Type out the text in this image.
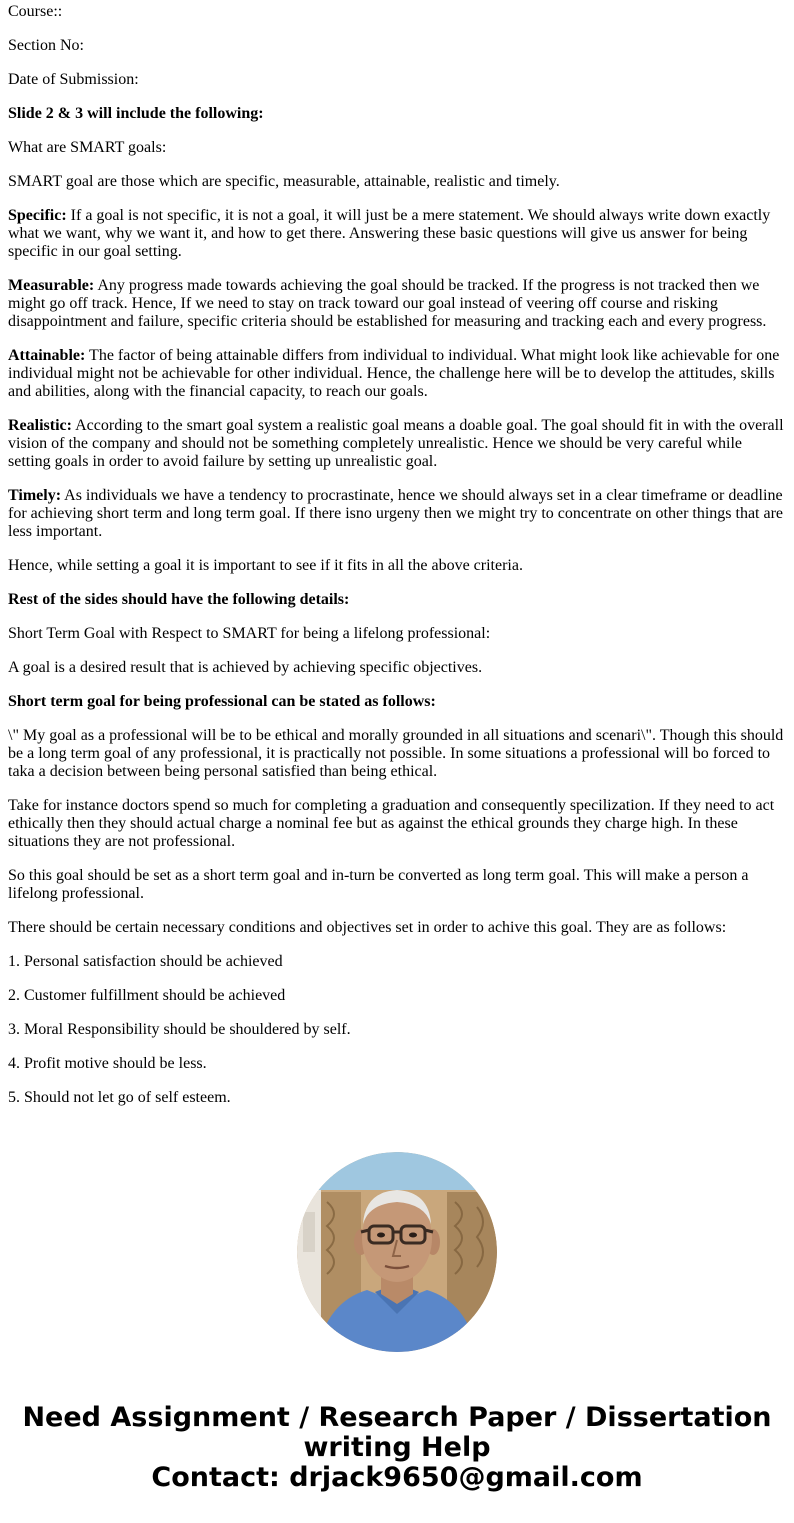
Course::

Section No:

Date of Submission:

Slide 2 & 3 will include the following:

What are SMART goals:

SMART goal are those which are specific, measurable, attainable, realistic and timely.

Specific: If a goal is not specific, it is not a goal, it will just be a mere statement. We should always write down exactly what we want, why we want it, and how to get there. Answering these basic questions will give us answer for being specific in our goal setting.

Measurable: Any progress made towards achieving the goal should be tracked. If the progress is not tracked then we might go off track. Hence, If we need to stay on track toward our goal instead of veering off course and risking disappointment and failure, specific criteria should be established for measuring and tracking each and every progress.

Attainable: The factor of being attainable differs from individual to individual. What might look like achievable for one individual might not be achievable for other individual. Hence, the challenge here will be to develop the attitudes, skills and abilities, along with the financial capacity, to reach our goals.

Realistic: According to the smart goal system a realistic goal means a doable goal. The goal should fit in with the overall vision of the company and should not be something completely unrealistic. Hence we should be very careful while setting goals in order to avoid failure by setting up unrealistic goal.

Timely: As individuals we have a tendency to procrastinate, hence we should always set in a clear timeframe or deadline for achieving short term and long term goal. If there isno urgeny then we might try to concentrate on other things that are less important.

Hence, while setting a goal it is important to see if it fits in all the above criteria.

Rest of the sides should have the following details:

Short Term Goal with Respect to SMART for being a lifelong professional:

A goal is a desired result that is achieved by achieving specific objectives.

Short term goal for being professional can be stated as follows:

\" My goal as a professional will be to be ethical and morally grounded in all situations and scenari\". Though this should be a long term goal of any professional, it is practically not possible. In some situations a professional will bo forced to taka a decision between being personal satisfied than being ethical.

Take for instance doctors spend so much for completing a graduation and consequently specilization. If they need to act ethically then they should actual charge a nominal fee but as against the ethical grounds they charge high. In these situations they are not professional.

So this goal should be set as a short term goal and in-turn be converted as long term goal. This will make a person a lifelong professional.

There should be certain necessary conditions and objectives set in order to achive this goal. They are as follows:

1. Personal satisfaction should be achieved

2. Customer fulfillment should be achieved

3. Moral Responsibility should be shouldered by self.

4. Profit motive should be less.

5. Should not let go of self esteem.

Need Assignment / Research Paper / Dissertation
writing Help
Contact: drjack9650@gmail.com
